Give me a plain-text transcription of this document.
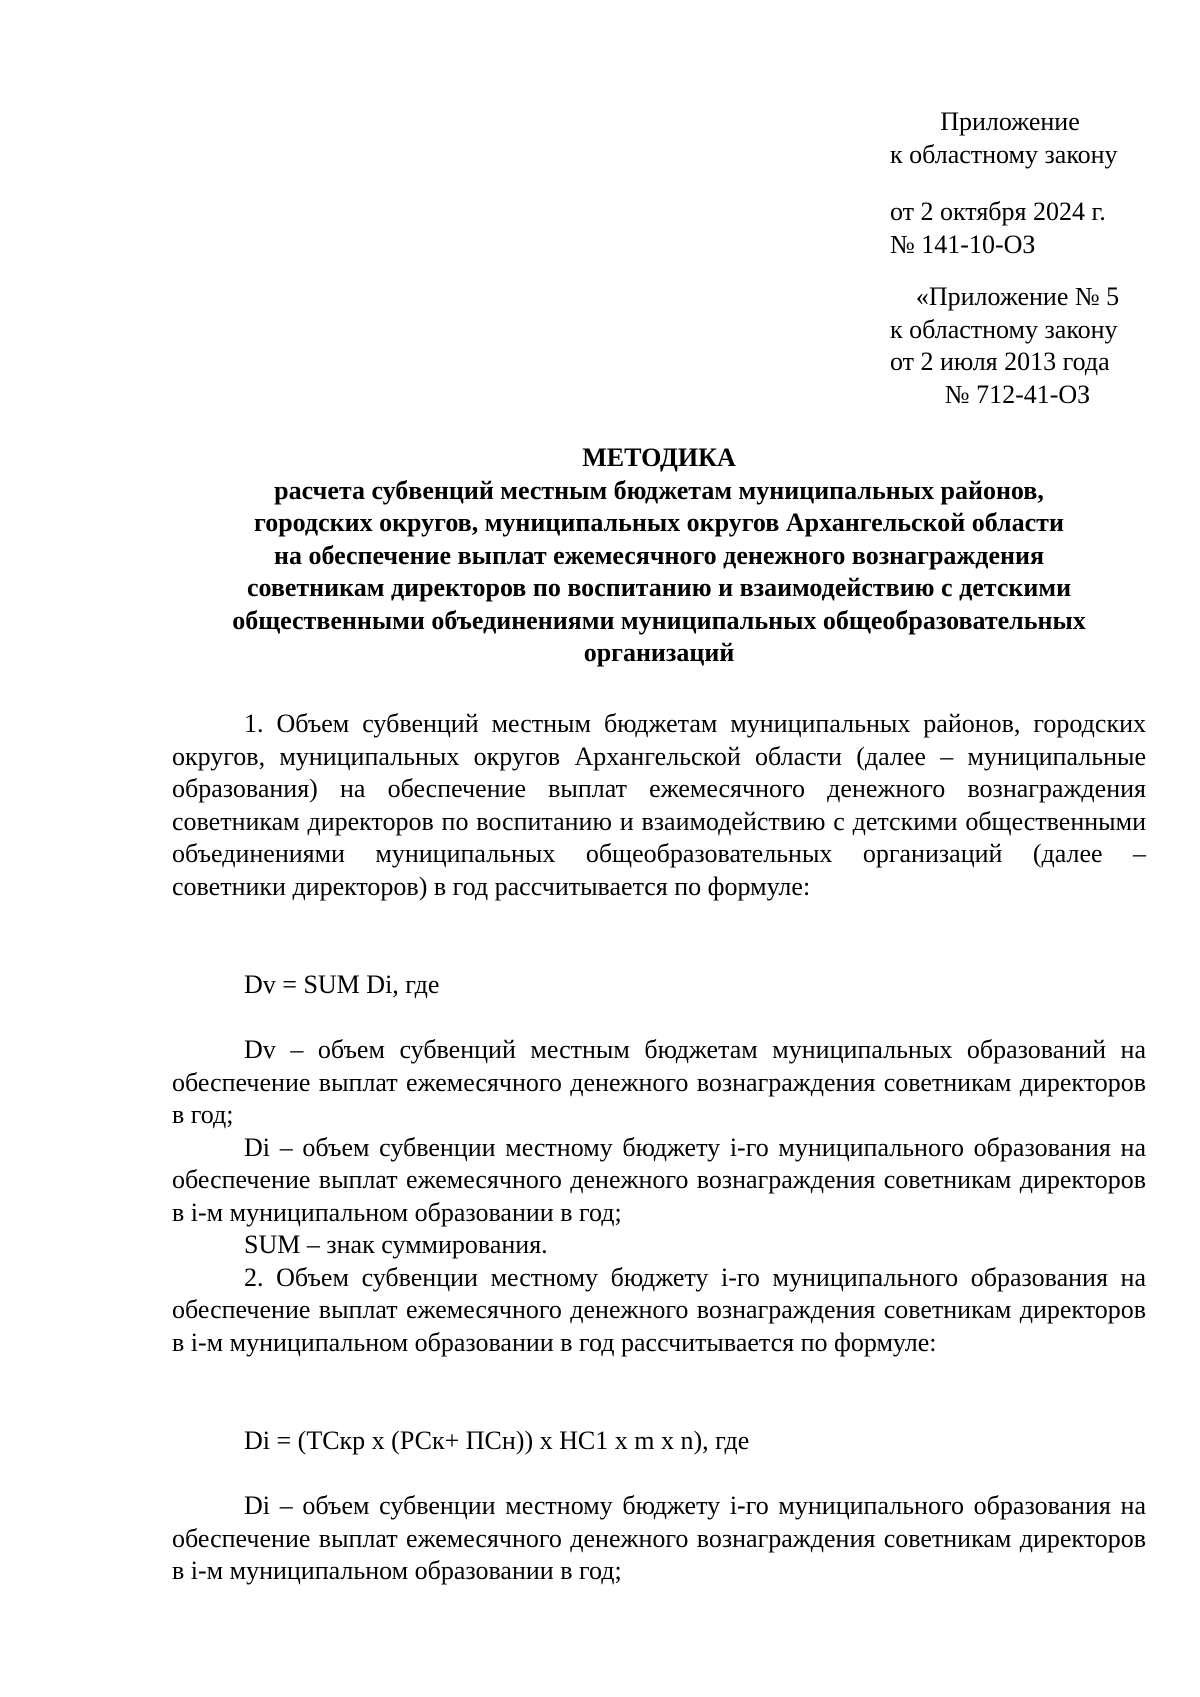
Приложение

к областному закону

от 2 октября 2024 г.

№ 141-10-ОЗ

«Приложение № 5

к областному закону

от 2 июля 2013 года

№ 712-41-ОЗ

МЕТОДИКА

расчета субвенций местным бюджетам муниципальных районов,

городских округов, муниципальных округов Архангельской области

на обеспечение выплат ежемесячного денежного вознаграждения

советникам директоров по воспитанию и взаимодействию с детскими

общественными объединениями муниципальных общеобразовательных

организаций

1. Объем субвенций местным бюджетам муниципальных районов, городских округов, муниципальных округов Архангельской области (далее – муниципальные образования) на обеспечение выплат ежемесячного денежного вознаграждения советникам директоров по воспитанию и взаимодействию с детскими общественными объединениями муниципальных общеобразовательных организаций (далее – советники директоров) в год рассчитывается по формуле:

Dv = SUM Di, где

Dv – объем субвенций местным бюджетам муниципальных образований на обеспечение выплат ежемесячного денежного вознаграждения советникам директоров в год;

Di – объем субвенции местному бюджету i-го муниципального образования на обеспечение выплат ежемесячного денежного вознаграждения советникам директоров в i-м муниципальном образовании в год;

SUM – знак суммирования.

2. Объем субвенции местному бюджету i-го муниципального образования на обеспечение выплат ежемесячного денежного вознаграждения советникам директоров в i-м муниципальном образовании в год рассчитывается по формуле:

Di = (ТСкр х (РСк+ ПСн)) х НС1 х m х n), где

Di – объем субвенции местному бюджету i-го муниципального образования на обеспечение выплат ежемесячного денежного вознаграждения советникам директоров в i-м муниципальном образовании в год;
